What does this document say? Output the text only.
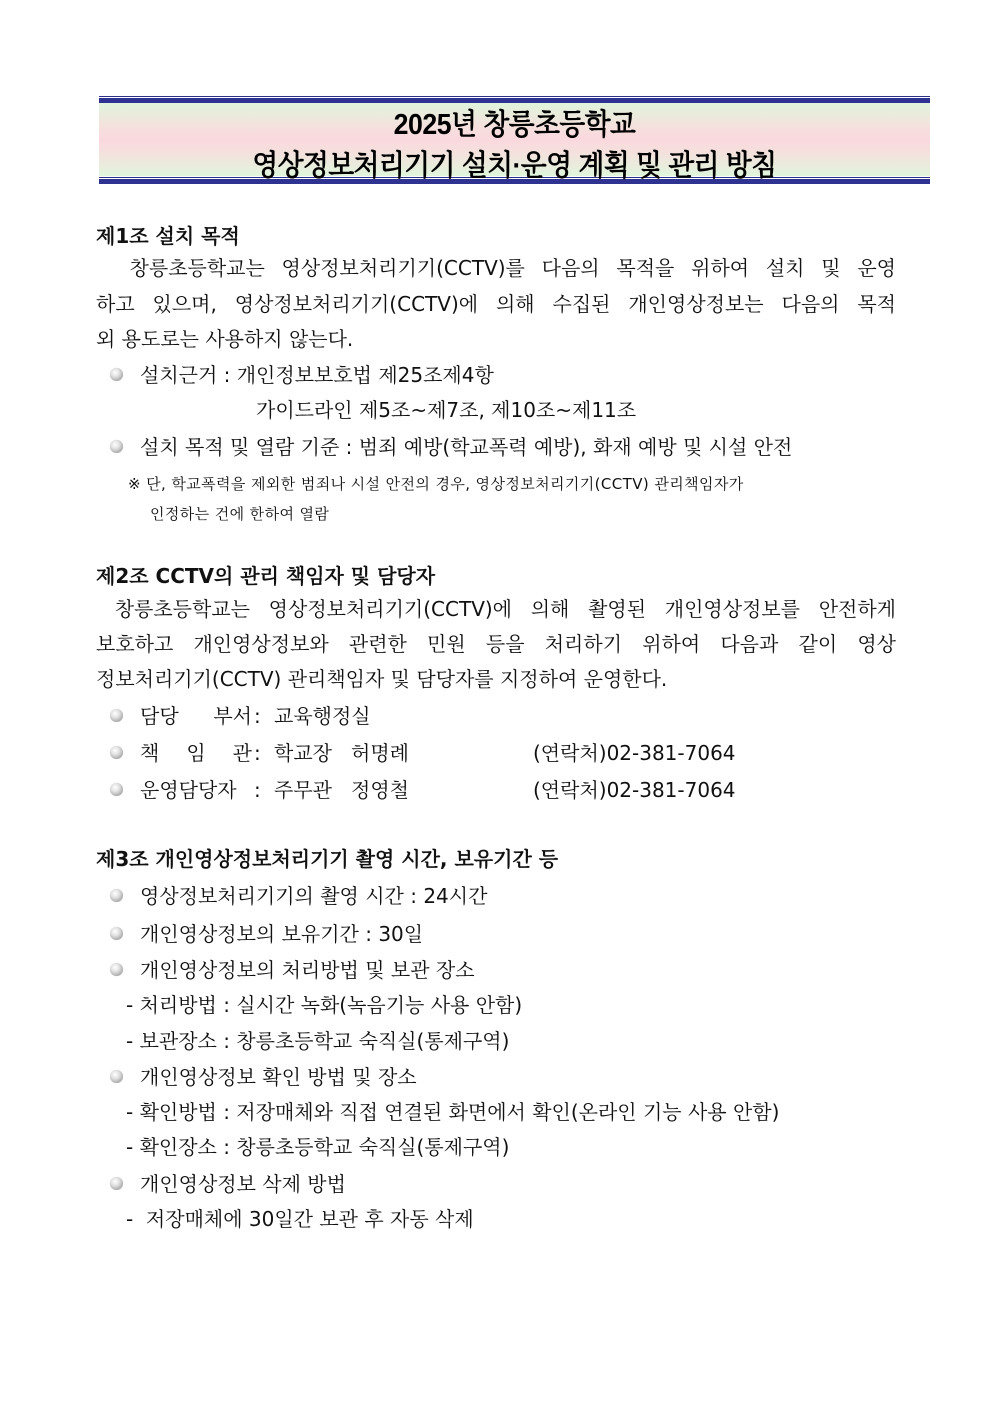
2025년 창릉초등학교
영상정보처리기기 설치·운영 계획 및 관리 방침
제1조 설치 목적
창릉초등학교는 영상정보처리기기(CCTV)를 다음의 목적을 위하여 설치 및 운영
하고 있으며, 영상정보처리기기(CCTV)에 의해 수집된 개인영상정보는 다음의 목적
외 용도로는 사용하지 않는다.
설치근거 : 개인정보보호법 제25조제4항
가이드라인 제5조~제7조, 제10조~제11조
설치 목적 및 열람 기준 : 범죄 예방(학교폭력 예방), 화재 예방 및 시설 안전
※ 단, 학교폭력을 제외한 범죄나 시설 안전의 경우, 영상정보처리기기(CCTV) 관리책임자가
인정하는 건에 한하여 열람
제2조 CCTV의 관리 책임자 및 담당자
창릉초등학교는 영상정보처리기기(CCTV)에 의해 촬영된 개인영상정보를 안전하게
보호하고 개인영상정보와 관련한 민원 등을 처리하기 위하여 다음과 같이 영상
정보처리기기(CCTV) 관리책임자 및 담당자를 지정하여 운영한다.
담당  부서 : 교육행정실
책  임  관 : 학교장   허명례	(연락처)02-381-7064
운영담당자 : 주무관   정영철	(연락처)02-381-7064
제3조 개인영상정보처리기기 촬영 시간, 보유기간 등
영상정보처리기기의 촬영 시간 : 24시간
개인영상정보의 보유기간 : 30일
개인영상정보의 처리방법 및 보관 장소
- 처리방법 : 실시간 녹화(녹음기능 사용 안함)
- 보관장소 : 창릉초등학교 숙직실(통제구역)
개인영상정보 확인 방법 및 장소
- 확인방법 : 저장매체와 직접 연결된 화면에서 확인(온라인 기능 사용 안함)
- 확인장소 : 창릉초등학교 숙직실(통제구역)
개인영상정보 삭제 방법
-  저장매체에 30일간 보관 후 자동 삭제
